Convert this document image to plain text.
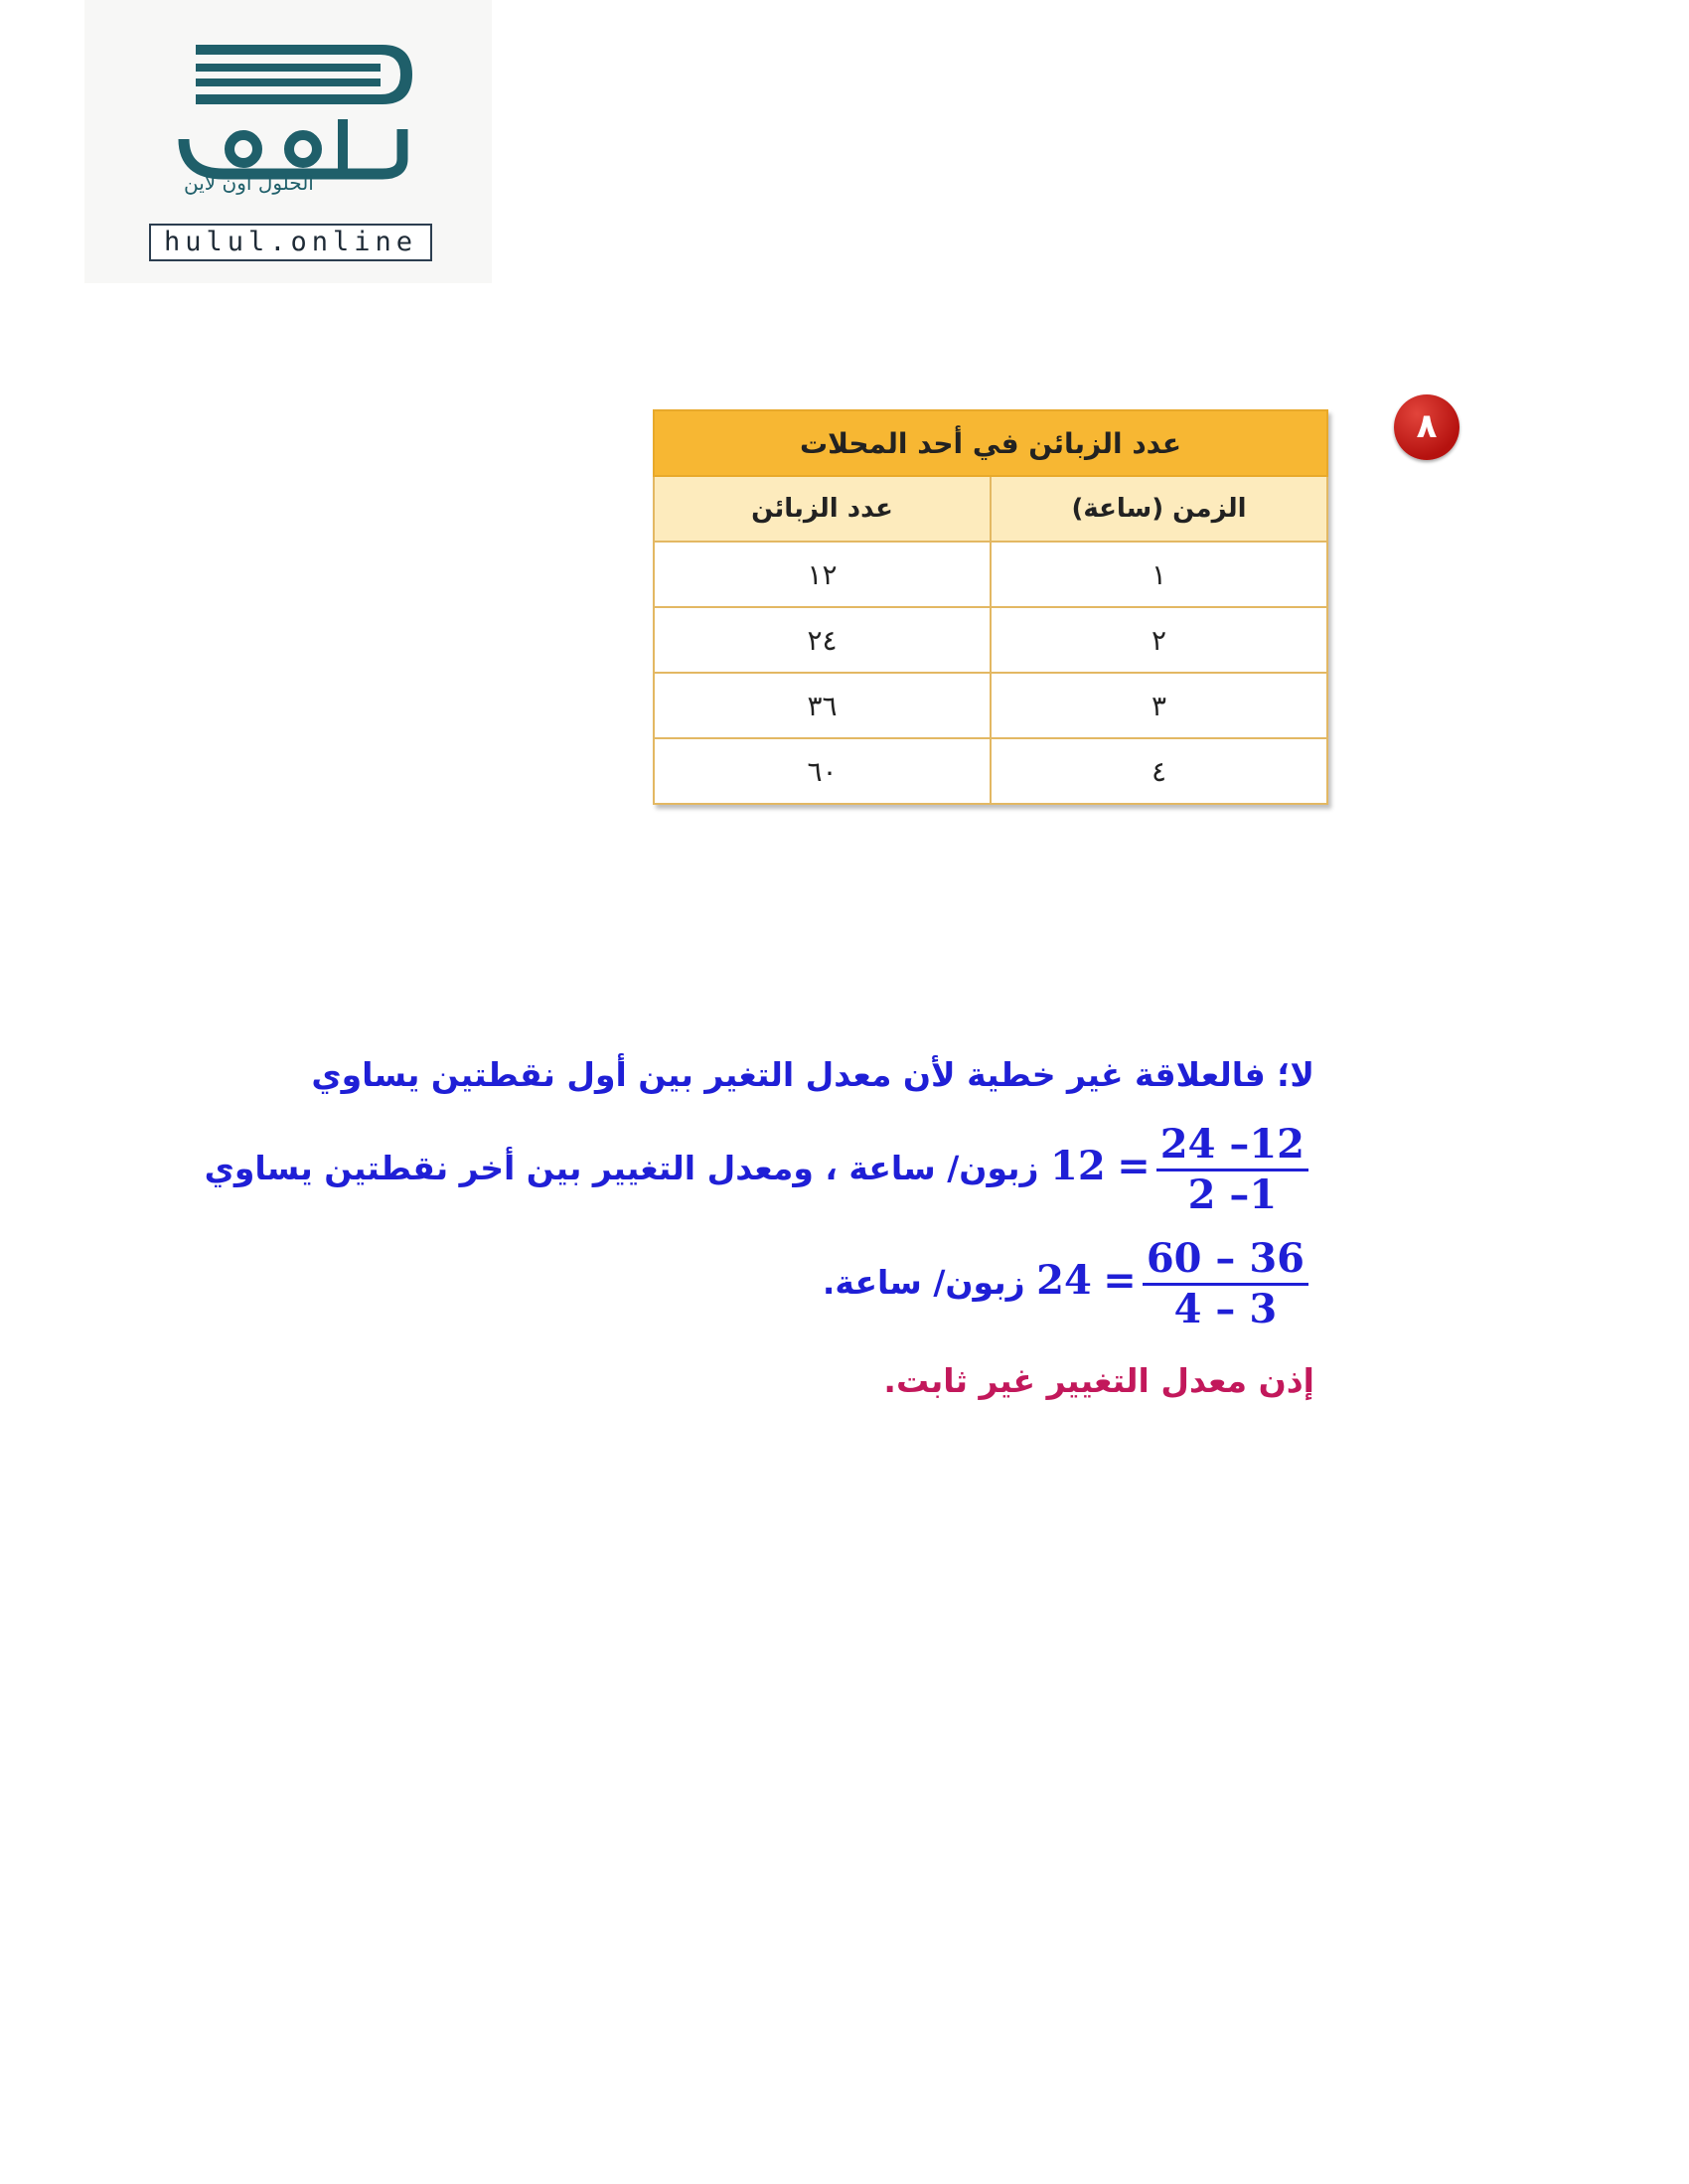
الحلول اون لاين
hulul.online
٨
عدد الزبائن في أحد المحلات	
الزمن (ساعة)	عدد الزبائن
١	١٢
٢	٢٤
٣	٣٦
٤	٦٠
لا؛ فالعلاقة غير خطية لأن معدل التغير بين أول نقطتين يساوي
$\frac{24 -12}{2 -1}$
= 12 زبون/ ساعة ، ومعدل التغيير بين أخر نقطتين يساوي
$\frac{60 - 36}{4 - 3}$
= 24 زبون/ ساعة.
إذن معدل التغيير غير ثابت.
